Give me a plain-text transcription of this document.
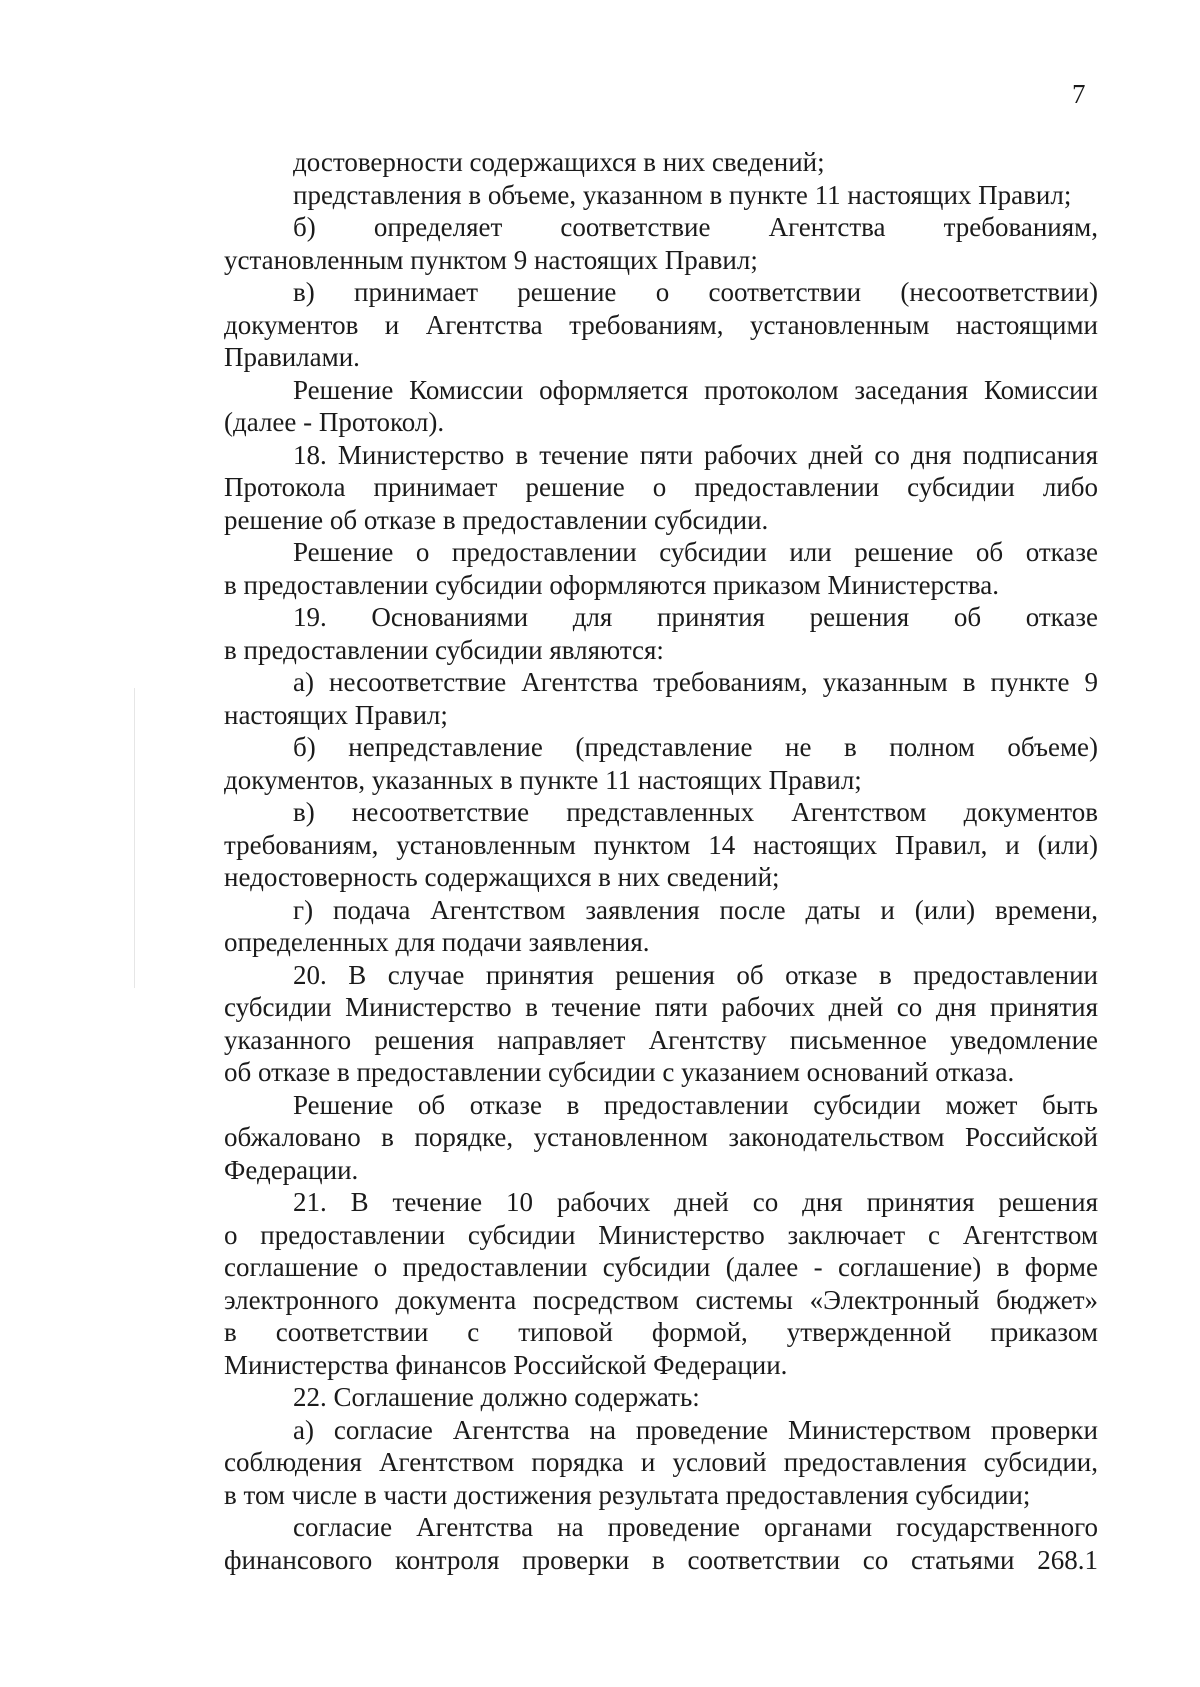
7
достоверности содержащихся в них сведений;
представления в объеме, указанном в пункте 11 настоящих Правил;
б) определяет соответствие Агентства требованиям,
установленным пунктом 9 настоящих Правил;
в) принимает решение о соответствии (несоответствии)
документов и Агентства требованиям, установленным настоящими
Правилами.
Решение Комиссии оформляется протоколом заседания Комиссии
(далее - Протокол).
18. Министерство в течение пяти рабочих дней со дня подписания
Протокола принимает решение о предоставлении субсидии либо
решение об отказе в предоставлении субсидии.
Решение о предоставлении субсидии или решение об отказе
в предоставлении субсидии оформляются приказом Министерства.
19. Основаниями для принятия решения об отказе
в предоставлении субсидии являются:
а) несоответствие Агентства требованиям, указанным в пункте 9
настоящих Правил;
б) непредставление (представление не в полном объеме)
документов, указанных в пункте 11 настоящих Правил;
в) несоответствие представленных Агентством документов
требованиям, установленным пунктом 14 настоящих Правил, и (или)
недостоверность содержащихся в них сведений;
г) подача Агентством заявления после даты и (или) времени,
определенных для подачи заявления.
20. В случае принятия решения об отказе в предоставлении
субсидии Министерство в течение пяти рабочих дней со дня принятия
указанного решения направляет Агентству письменное уведомление
об отказе в предоставлении субсидии с указанием оснований отказа.
Решение об отказе в предоставлении субсидии может быть
обжаловано в порядке, установленном законодательством Российской
Федерации.
21. В течение 10 рабочих дней со дня принятия решения
о предоставлении субсидии Министерство заключает с Агентством
соглашение о предоставлении субсидии (далее - соглашение) в форме
электронного документа посредством системы «Электронный бюджет»
в соответствии с типовой формой, утвержденной приказом
Министерства финансов Российской Федерации.
22. Соглашение должно содержать:
а) согласие Агентства на проведение Министерством проверки
соблюдения Агентством порядка и условий предоставления субсидии,
в том числе в части достижения результата предоставления субсидии;
согласие Агентства на проведение органами государственного
финансового контроля проверки в соответствии со статьями 268.1
